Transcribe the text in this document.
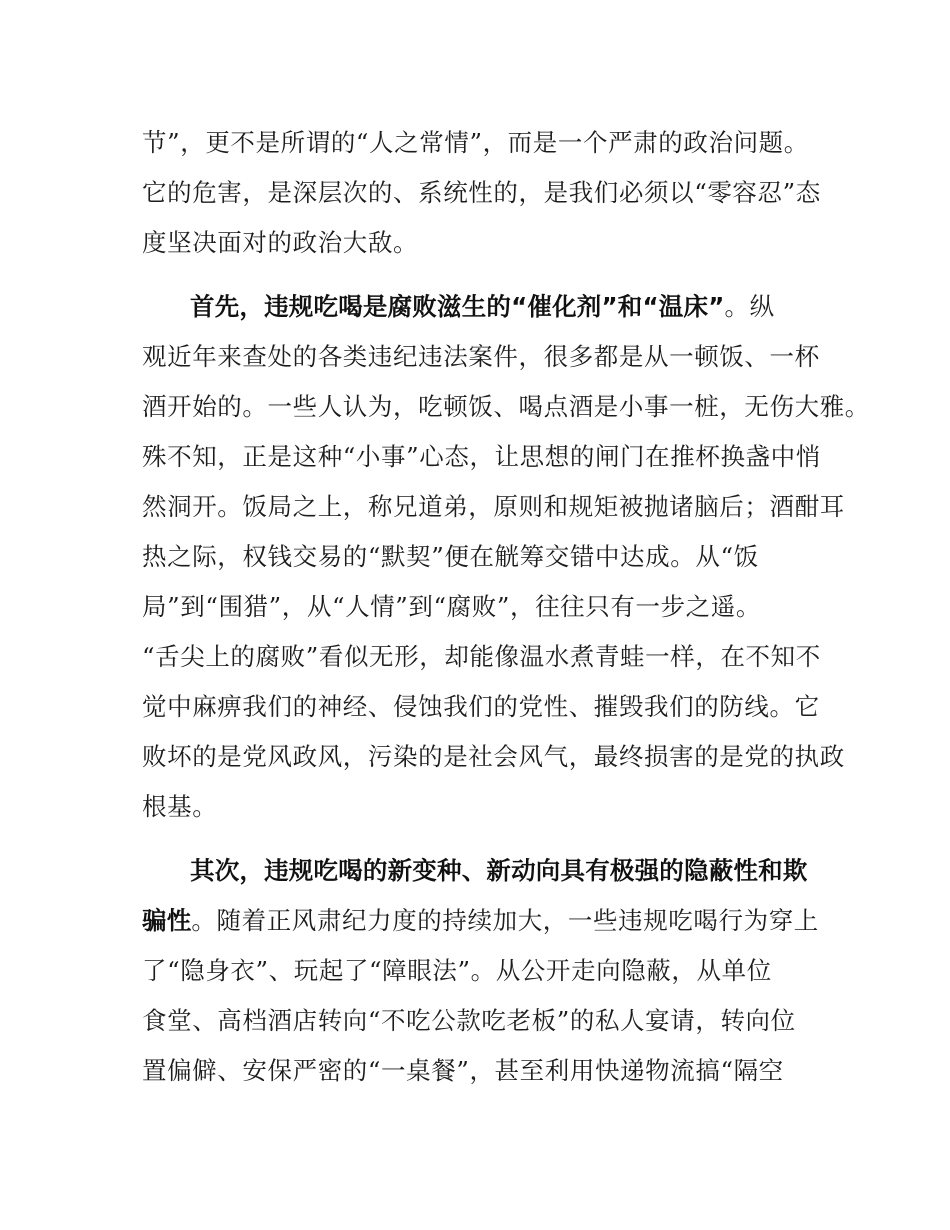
节”，更不是所谓的“人之常情”，而是一个严肃的政治问题。
它的危害，是深层次的、系统性的，是我们必须以“零容忍”态
度坚决面对的政治大敌。
首先，违规吃喝是腐败滋生的“催化剂”和“温床”。纵
观近年来查处的各类违纪违法案件，很多都是从一顿饭、一杯
酒开始的。一些人认为，吃顿饭、喝点酒是小事一桩，无伤大雅。
殊不知，正是这种“小事”心态，让思想的闸门在推杯换盏中悄
然洞开。饭局之上，称兄道弟，原则和规矩被抛诸脑后；酒酣耳
热之际，权钱交易的“默契”便在觥筹交错中达成。从“饭
局”到“围猎”，从“人情”到“腐败”，往往只有一步之遥。
“舌尖上的腐败”看似无形，却能像温水煮青蛙一样，在不知不
觉中麻痹我们的神经、侵蚀我们的党性、摧毁我们的防线。它
败坏的是党风政风，污染的是社会风气，最终损害的是党的执政
根基。
其次，违规吃喝的新变种、新动向具有极强的隐蔽性和欺
骗性。随着正风肃纪力度的持续加大，一些违规吃喝行为穿上
了“隐身衣”、玩起了“障眼法”。从公开走向隐蔽，从单位
食堂、高档酒店转向“不吃公款吃老板”的私人宴请，转向位
置偏僻、安保严密的“一桌餐”，甚至利用快递物流搞“隔空
